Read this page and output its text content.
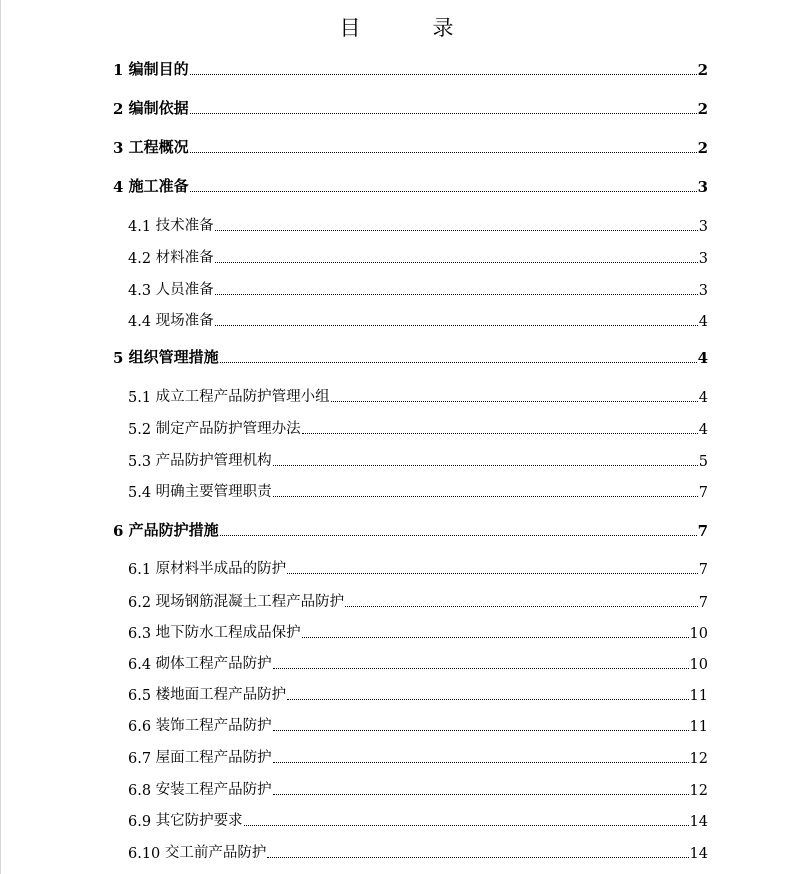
目	录
1 编制目的	2
2 编制依据	2
3 工程概况	2
4 施工准备	3
4.1 技术准备	3
4.2 材料准备	3
4.3 人员准备	3
4.4 现场准备	4
5 组织管理措施	4
5.1 成立工程产品防护管理小组	4
5.2 制定产品防护管理办法	4
5.3 产品防护管理机构	5
5.4 明确主要管理职责	7
6 产品防护措施	7
6.1 原材料半成品的防护	7
6.2 现场钢筋混凝土工程产品防护	7
6.3 地下防水工程成品保护	10
6.4 砌体工程产品防护	10
6.5 楼地面工程产品防护	11
6.6 装饰工程产品防护	11
6.7 屋面工程产品防护	12
6.8 安装工程产品防护	12
6.9 其它防护要求	14
6.10 交工前产品防护	14
